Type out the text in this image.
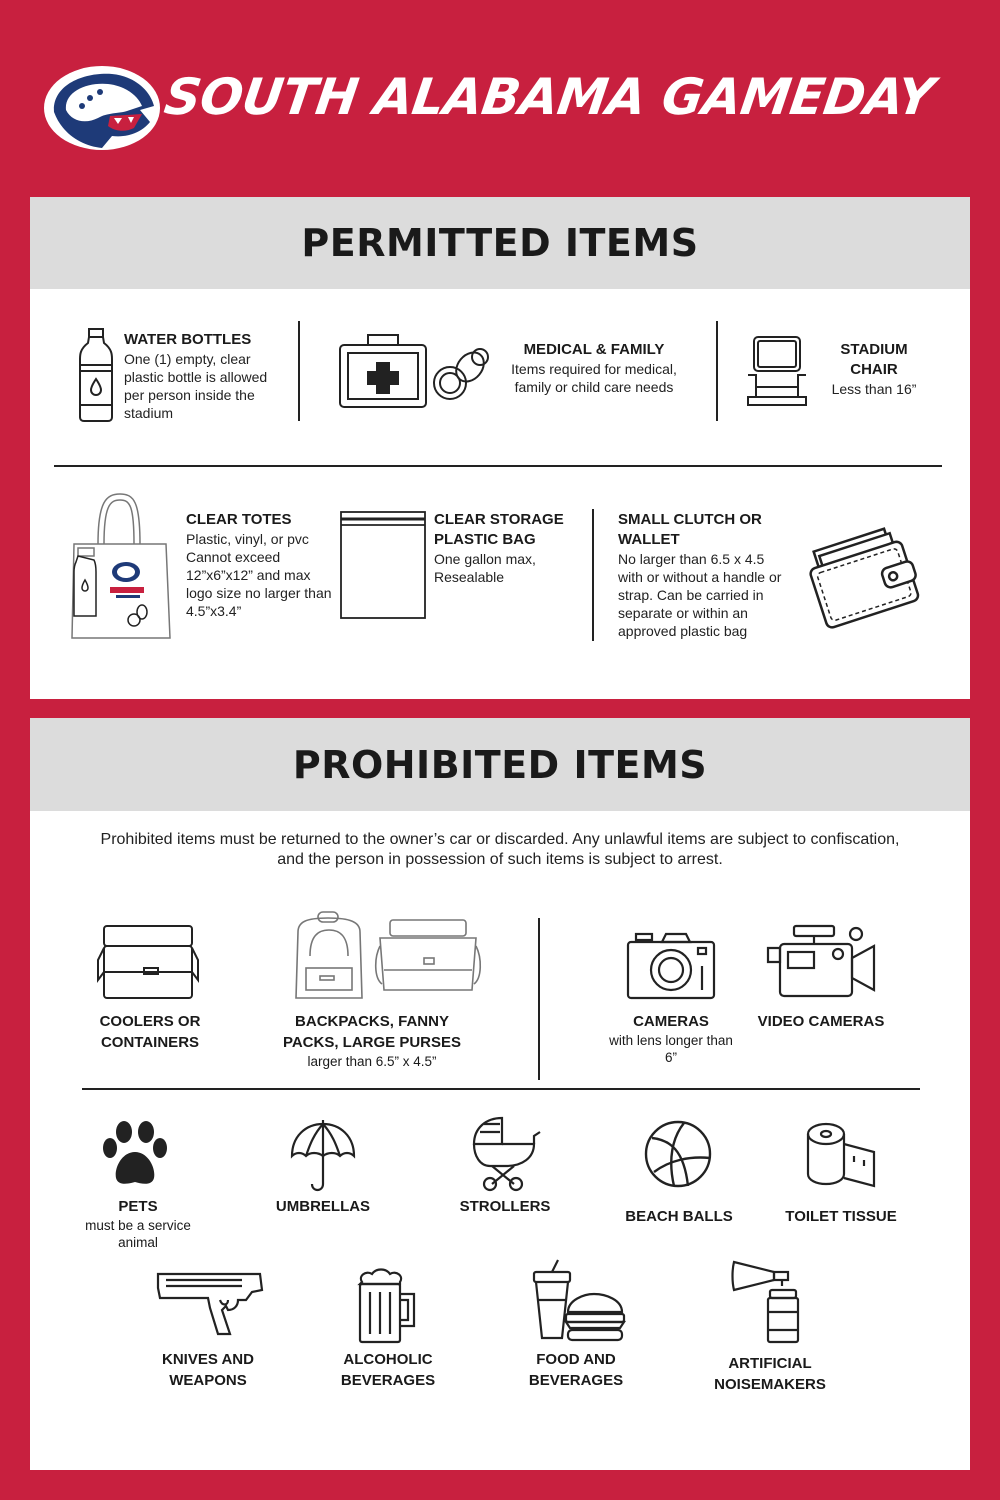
SOUTH ALABAMA GAMEDAY
PERMITTED ITEMS
WATER BOTTLES
One (1) empty, clear plastic bottle is allowed per person inside the stadium
MEDICAL & FAMILY
Items required for medical, family or child care needs
STADIUM CHAIR
Less than 16”
CLEAR TOTES
Plastic, vinyl, or pvc Cannot exceed 12”x6”x12” and max logo size no larger than 4.5”x3.4”
CLEAR STORAGE PLASTIC BAG
One gallon max, Resealable
SMALL CLUTCH OR WALLET
No larger than 6.5 x 4.5 with or without a handle or strap. Can be carried in separate or within an approved plastic bag
PROHIBITED ITEMS
Prohibited items must be returned to the owner’s car or discarded. Any unlawful items are subject to confiscation, and the person in possession of such items is subject to arrest.
COOLERS OR CONTAINERS
BACKPACKS, FANNY PACKS, LARGE PURSES
larger than 6.5” x 4.5”
CAMERAS
with lens longer than 6”
VIDEO CAMERAS
PETS
must be a service animal
UMBRELLAS	STROLLERS
BEACH BALLS	TOILET TISSUE
KNIVES AND WEAPONS
ALCOHOLIC BEVERAGES
FOOD AND BEVERAGES
ARTIFICIAL NOISEMAKERS
